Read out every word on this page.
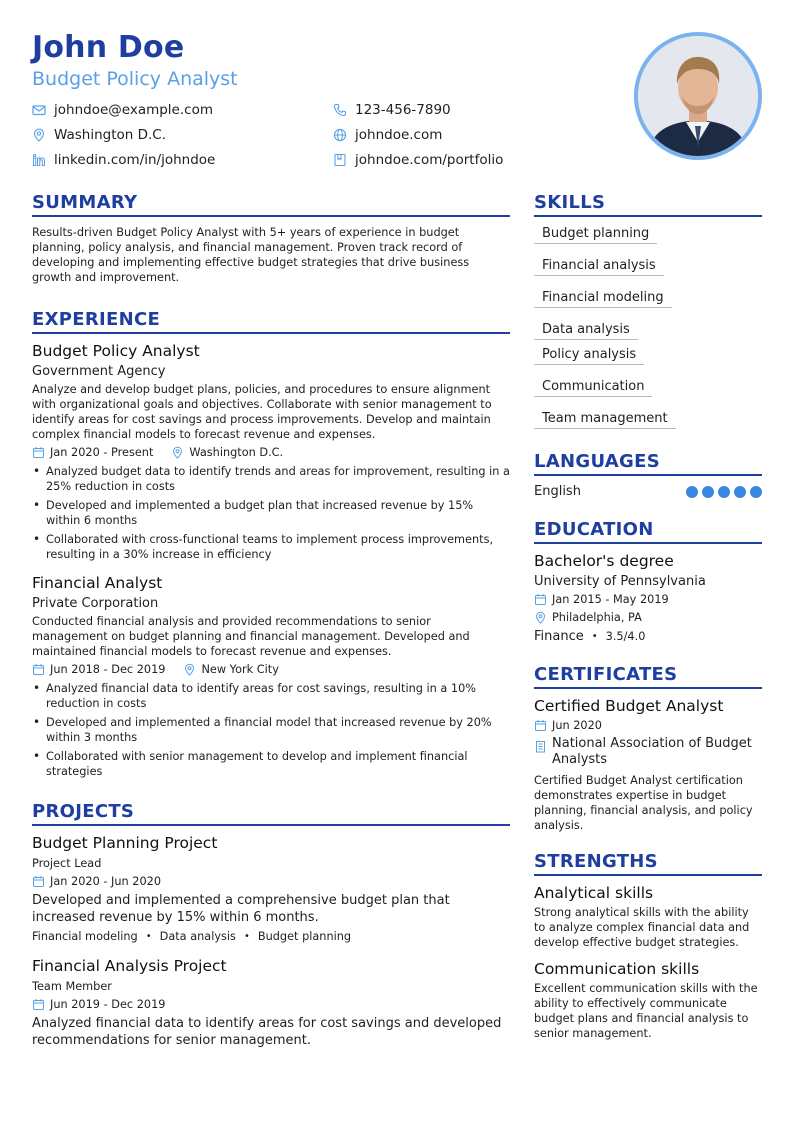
John Doe
Budget Policy Analyst
johndoe@example.com	123-456-7890
Washington D.C.	johndoe.com
linkedin.com/in/johndoe	johndoe.com/portfolio
SUMMARY
Results-driven Budget Policy Analyst with 5+ years of experience in budget planning, policy analysis, and financial management. Proven track record of developing and implementing effective budget strategies that drive business growth and improvement.
EXPERIENCE
Budget Policy Analyst
Government Agency
Analyze and develop budget plans, policies, and procedures to ensure alignment with organizational goals and objectives. Collaborate with senior management to identify areas for cost savings and process improvements. Develop and maintain complex financial models to forecast revenue and expenses.
Jan 2020 - Present	Washington D.C.
• Analyzed budget data to identify trends and areas for improvement, resulting in a 25% reduction in costs
• Developed and implemented a budget plan that increased revenue by 15% within 6 months
• Collaborated with cross-functional teams to implement process improvements, resulting in a 30% increase in efficiency
Financial Analyst
Private Corporation
Conducted financial analysis and provided recommendations to senior management on budget planning and financial management. Developed and maintained financial models to forecast revenue and expenses.
Jun 2018 - Dec 2019	New York City
• Analyzed financial data to identify areas for cost savings, resulting in a 10% reduction in costs
• Developed and implemented a financial model that increased revenue by 20% within 3 months
• Collaborated with senior management to develop and implement financial strategies
PROJECTS
Budget Planning Project
Project Lead
Jan 2020 - Jun 2020
Developed and implemented a comprehensive budget plan that increased revenue by 15% within 6 months.
Financial modeling • Data analysis • Budget planning
Financial Analysis Project
Team Member
Jun 2019 - Dec 2019
Analyzed financial data to identify areas for cost savings and developed recommendations for senior management.
SKILLS
Budget planning
Financial analysis
Financial modeling
Data analysis
Policy analysis
Communication
Team management
LANGUAGES
English
EDUCATION
Bachelor's degree
University of Pennsylvania
Jan 2015 - May 2019
Philadelphia, PA
Finance • 3.5/4.0
CERTIFICATES
Certified Budget Analyst
Jun 2020
National Association of Budget Analysts
Certified Budget Analyst certification demonstrates expertise in budget planning, financial analysis, and policy analysis.
STRENGTHS
Analytical skills
Strong analytical skills with the ability to analyze complex financial data and develop effective budget strategies.
Communication skills
Excellent communication skills with the ability to effectively communicate budget plans and financial analysis to senior management.
